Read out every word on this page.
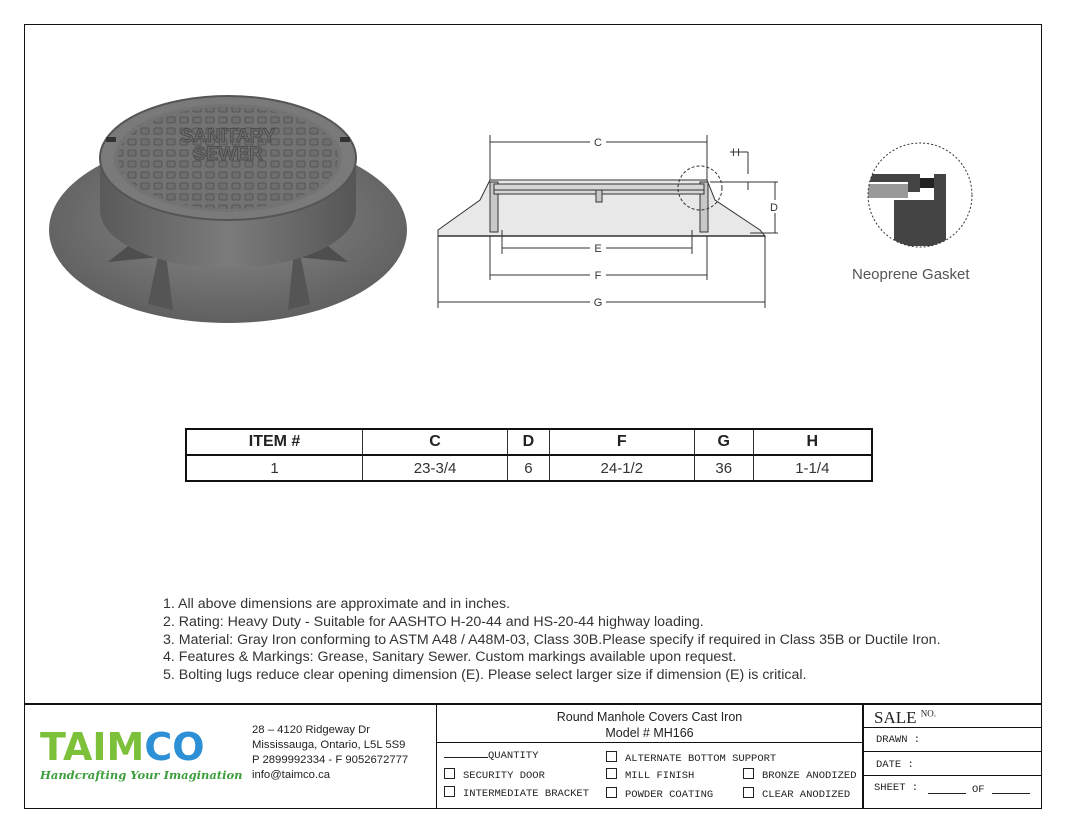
SANITARY
SEWER
C
H
D
E
F
G
Neoprene Gasket
ITEM #	C	D	F	G	H
1	23-3/4	6	24-1/2	36	1-1/4
1. All above dimensions are approximate and in inches.
2. Rating: Heavy Duty - Suitable for AASHTO H-20-44 and HS-20-44 highway loading.
3. Material: Gray Iron conforming to ASTM A48 / A48M-03, Class 30B.Please specify if required in Class 35B or Ductile Iron.
4. Features & Markings: Grease, Sanitary Sewer. Custom markings available upon request.
5. Bolting lugs reduce clear opening dimension (E). Please select larger size if dimension (E) is critical.
TAIMCO
Handcrafting Your Imagination
28 – 4120 Ridgeway Dr
Mississauga, Ontario, L5L 5S9
P 2899992334 - F 9052672777
info@taimco.ca
Round Manhole Covers Cast Iron
Model # MH166
QUANTITY
SECURITY DOOR
INTERMEDIATE BRACKET
ALTERNATE BOTTOM SUPPORT
MILL FINISH
POWDER COATING
BRONZE ANODIZED
CLEAR ANODIZED
SALE $^{NO.}$
DRAWN :
DATE :
SHEET :	OF
